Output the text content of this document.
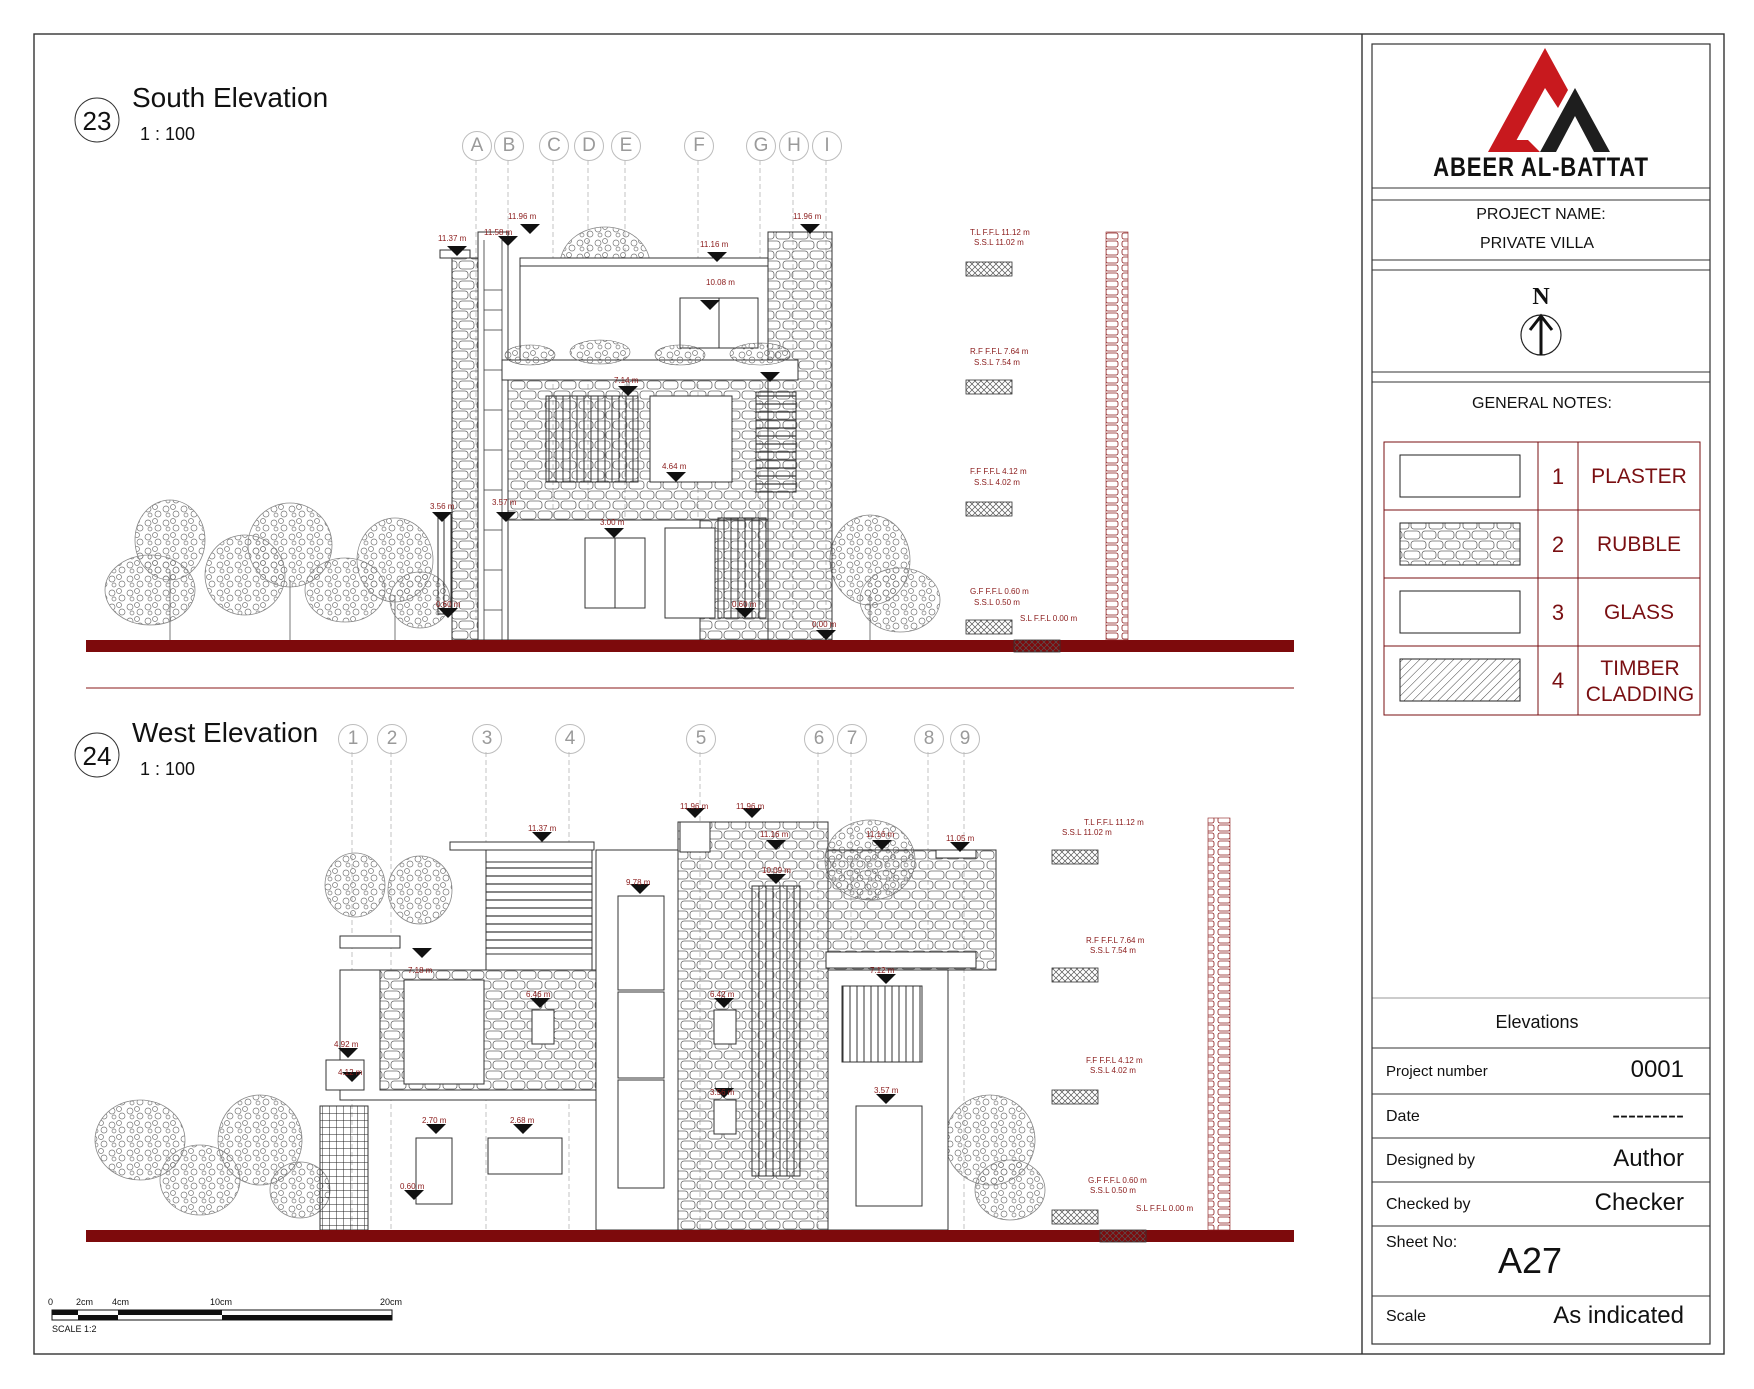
23
South Elevation
1 : 100
24
West Elevation
1 : 100
A	B	C	D	E	F	G H	I
1	2	3	4	5	6	7	8	9
T.L F.F.L 11.12 m
S.S.L 11.02 m
R.F F.F.L 7.64 m
S.S.L 7.54 m
F.F F.F.L 4.12 m
S.S.L 4.02 m
G.F F.F.L 0.60 m
S.S.L 0.50 m
S.L F.F.L 0.00 m
11.96 m
11.58 m
11.37 m
11.16 m
11.96 m
10.08 m
7.14 m
4.64 m
3.56 m	3.57 m
3.00 m
0.60 m	0.60 m
0.00 m
T.L F.F.L 11.12 m
S.S.L 11.02 m
R.F F.F.L 7.64 m
S.S.L 7.54 m
F.F F.F.L 4.12 m
S.S.L 4.02 m
G.F F.F.L 0.60 m
S.S.L 0.50 m
S.L F.F.L 0.00 m
11.96 m	11.96 m
11.37 m
11.16 m	11.16 m	11.05 m
9.78 m
10.09 m
7.18 m
6.46 m	6.42 m
7.12 m
4.92 m
4.12 m
3.56 m	3.57 m
2.70 m	2.68 m
0.60 m
0	2cm 4cm	10cm	20cm
SCALE 1:2
ABEER AL-BATTAT
PROJECT NAME:
PRIVATE VILLA
N
GENERAL NOTES:
1	PLASTER
2	RUBBLE
3	GLASS
4	TIMBER CLADDING
Elevations
Project number	0001
Date	---------
Designed by	Author
Checked by	Checker
Sheet No: A27
Scale	As indicated
